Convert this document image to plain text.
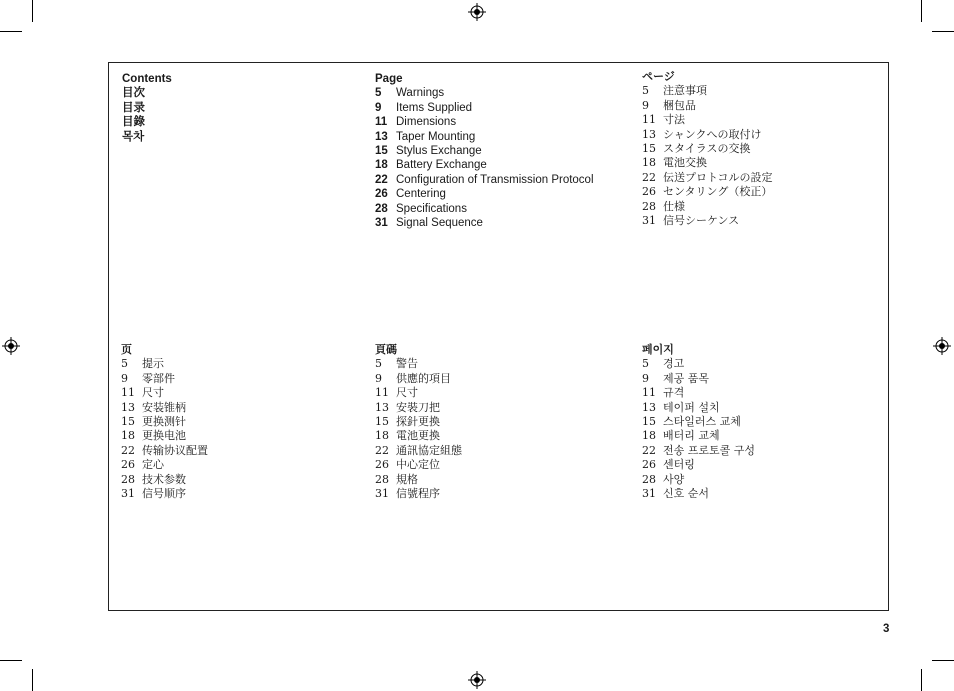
Contents
目次
目录
目錄
목차
Page
5	Warnings
9	Items Supplied
11 Dimensions
13 Taper Mounting
15 Stylus Exchange
18 Battery Exchange
22 Configuration of Transmission Protocol
26 Centering
28 Specifications
31 Signal Sequence
ページ
5	注意事項
9	梱包品
11 寸法
13 シャンクへの取付け
15 スタイラスの交換
18 電池交換
22 伝送プロトコルの設定
26 センタリング（校正）
28 仕様
31 信号シーケンス
页
5	提示
9	零部件
11 尺寸
13 安装锥柄
15 更换测针
18 更换电池
22 传输协议配置
26 定心
28 技术参数
31 信号顺序
頁碼
5	警告
9	供應的項目
11 尺寸
13 安裝刀把
15 探針更換
18 電池更換
22 通訊協定組態
26 中心定位
28 規格
31 信號程序
페이지
5	경고
9	제공 품목
11 규격
13 테이퍼 설치
15 스타일러스 교체
18 배터리 교체
22 전송 프로토콜 구성
26 센터링
28 사양
31 신호 순서
3
